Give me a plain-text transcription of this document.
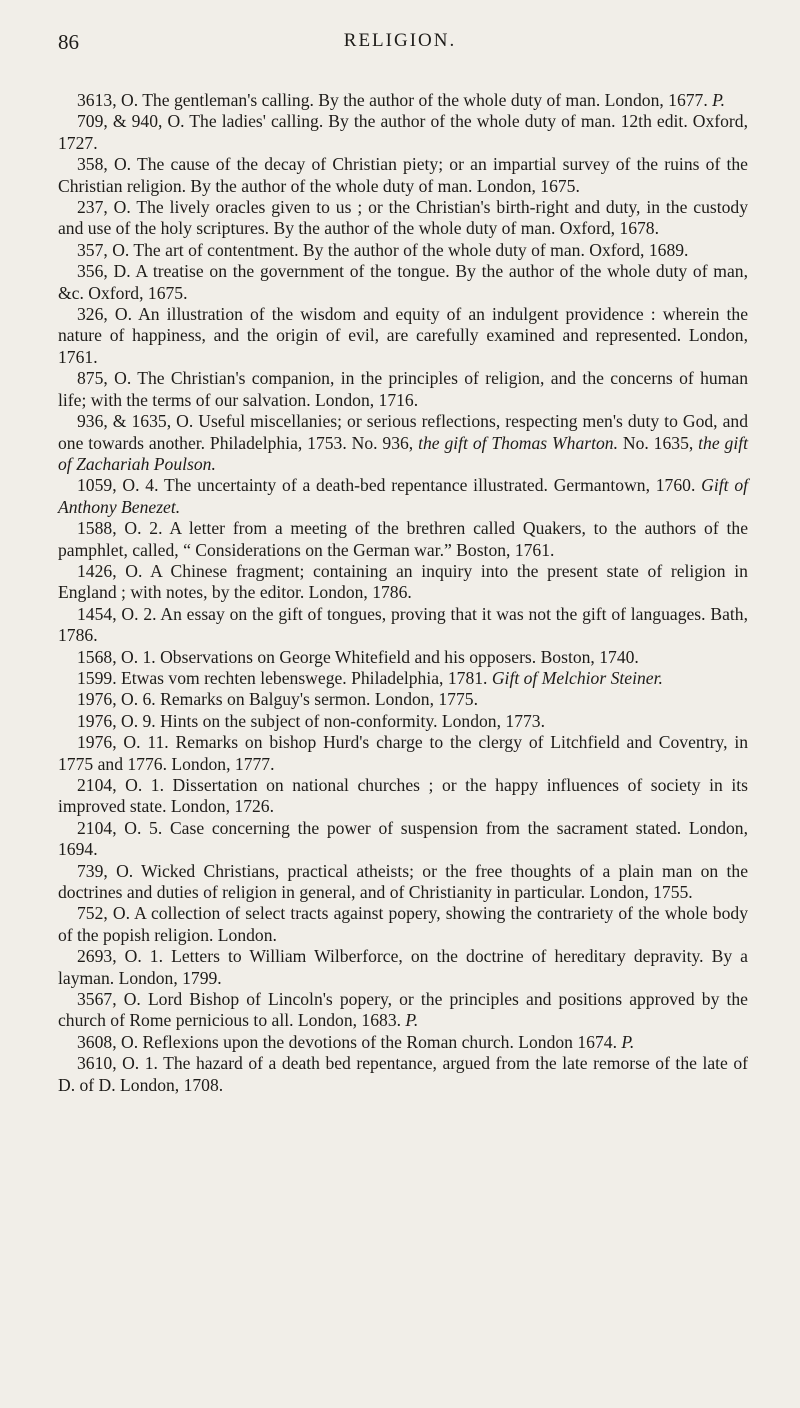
86	RELIGION.

3613, O. The gentleman's calling. By the author of the whole duty of man. London, 1677. P.

709, & 940, O. The ladies' calling. By the author of the whole duty of man. 12th edit. Oxford, 1727.

358, O. The cause of the decay of Christian piety; or an impartial survey of the ruins of the Christian religion. By the author of the whole duty of man. London, 1675.

237, O. The lively oracles given to us ; or the Christian's birth-right and duty, in the custody and use of the holy scriptures. By the author of the whole duty of man. Oxford, 1678.

357, O. The art of contentment. By the author of the whole duty of man. Oxford, 1689.

356, D. A treatise on the government of the tongue. By the author of the whole duty of man, &c. Oxford, 1675.

326, O. An illustration of the wisdom and equity of an indulgent providence : wherein the nature of happiness, and the origin of evil, are carefully examined and represented. London, 1761.

875, O. The Christian's companion, in the principles of religion, and the concerns of human life; with the terms of our salvation. London, 1716.

936, & 1635, O. Useful miscellanies; or serious reflections, respecting men's duty to God, and one towards another. Philadelphia, 1753. No. 936, the gift of Thomas Wharton. No. 1635, the gift of Zachariah Poulson.

1059, O. 4. The uncertainty of a death-bed repentance illustrated. Germantown, 1760. Gift of Anthony Benezet.

1588, O. 2. A letter from a meeting of the brethren called Quakers, to the authors of the pamphlet, called, “ Considerations on the German war.” Boston, 1761.

1426, O. A Chinese fragment; containing an inquiry into the present state of religion in England ; with notes, by the editor. London, 1786.

1454, O. 2. An essay on the gift of tongues, proving that it was not the gift of languages. Bath, 1786.

1568, O. 1. Observations on George Whitefield and his opposers. Boston, 1740.

1599. Etwas vom rechten lebenswege. Philadelphia, 1781. Gift of Melchior Steiner.

1976, O. 6. Remarks on Balguy's sermon. London, 1775.

1976, O. 9. Hints on the subject of non-conformity. London, 1773.

1976, O. 11. Remarks on bishop Hurd's charge to the clergy of Litchfield and Coventry, in 1775 and 1776. London, 1777.

2104, O. 1. Dissertation on national churches ; or the happy influences of society in its improved state. London, 1726.

2104, O. 5. Case concerning the power of suspension from the sacrament stated. London, 1694.

739, O. Wicked Christians, practical atheists; or the free thoughts of a plain man on the doctrines and duties of religion in general, and of Christianity in particular. London, 1755.

752, O. A collection of select tracts against popery, showing the contrariety of the whole body of the popish religion. London.

2693, O. 1. Letters to William Wilberforce, on the doctrine of hereditary depravity. By a layman. London, 1799.

3567, O. Lord Bishop of Lincoln's popery, or the principles and positions approved by the church of Rome pernicious to all. London, 1683. P.

3608, O. Reflexions upon the devotions of the Roman church. London 1674. P.

3610, O. 1. The hazard of a death bed repentance, argued from the late remorse of the late of D. of D. London, 1708.
